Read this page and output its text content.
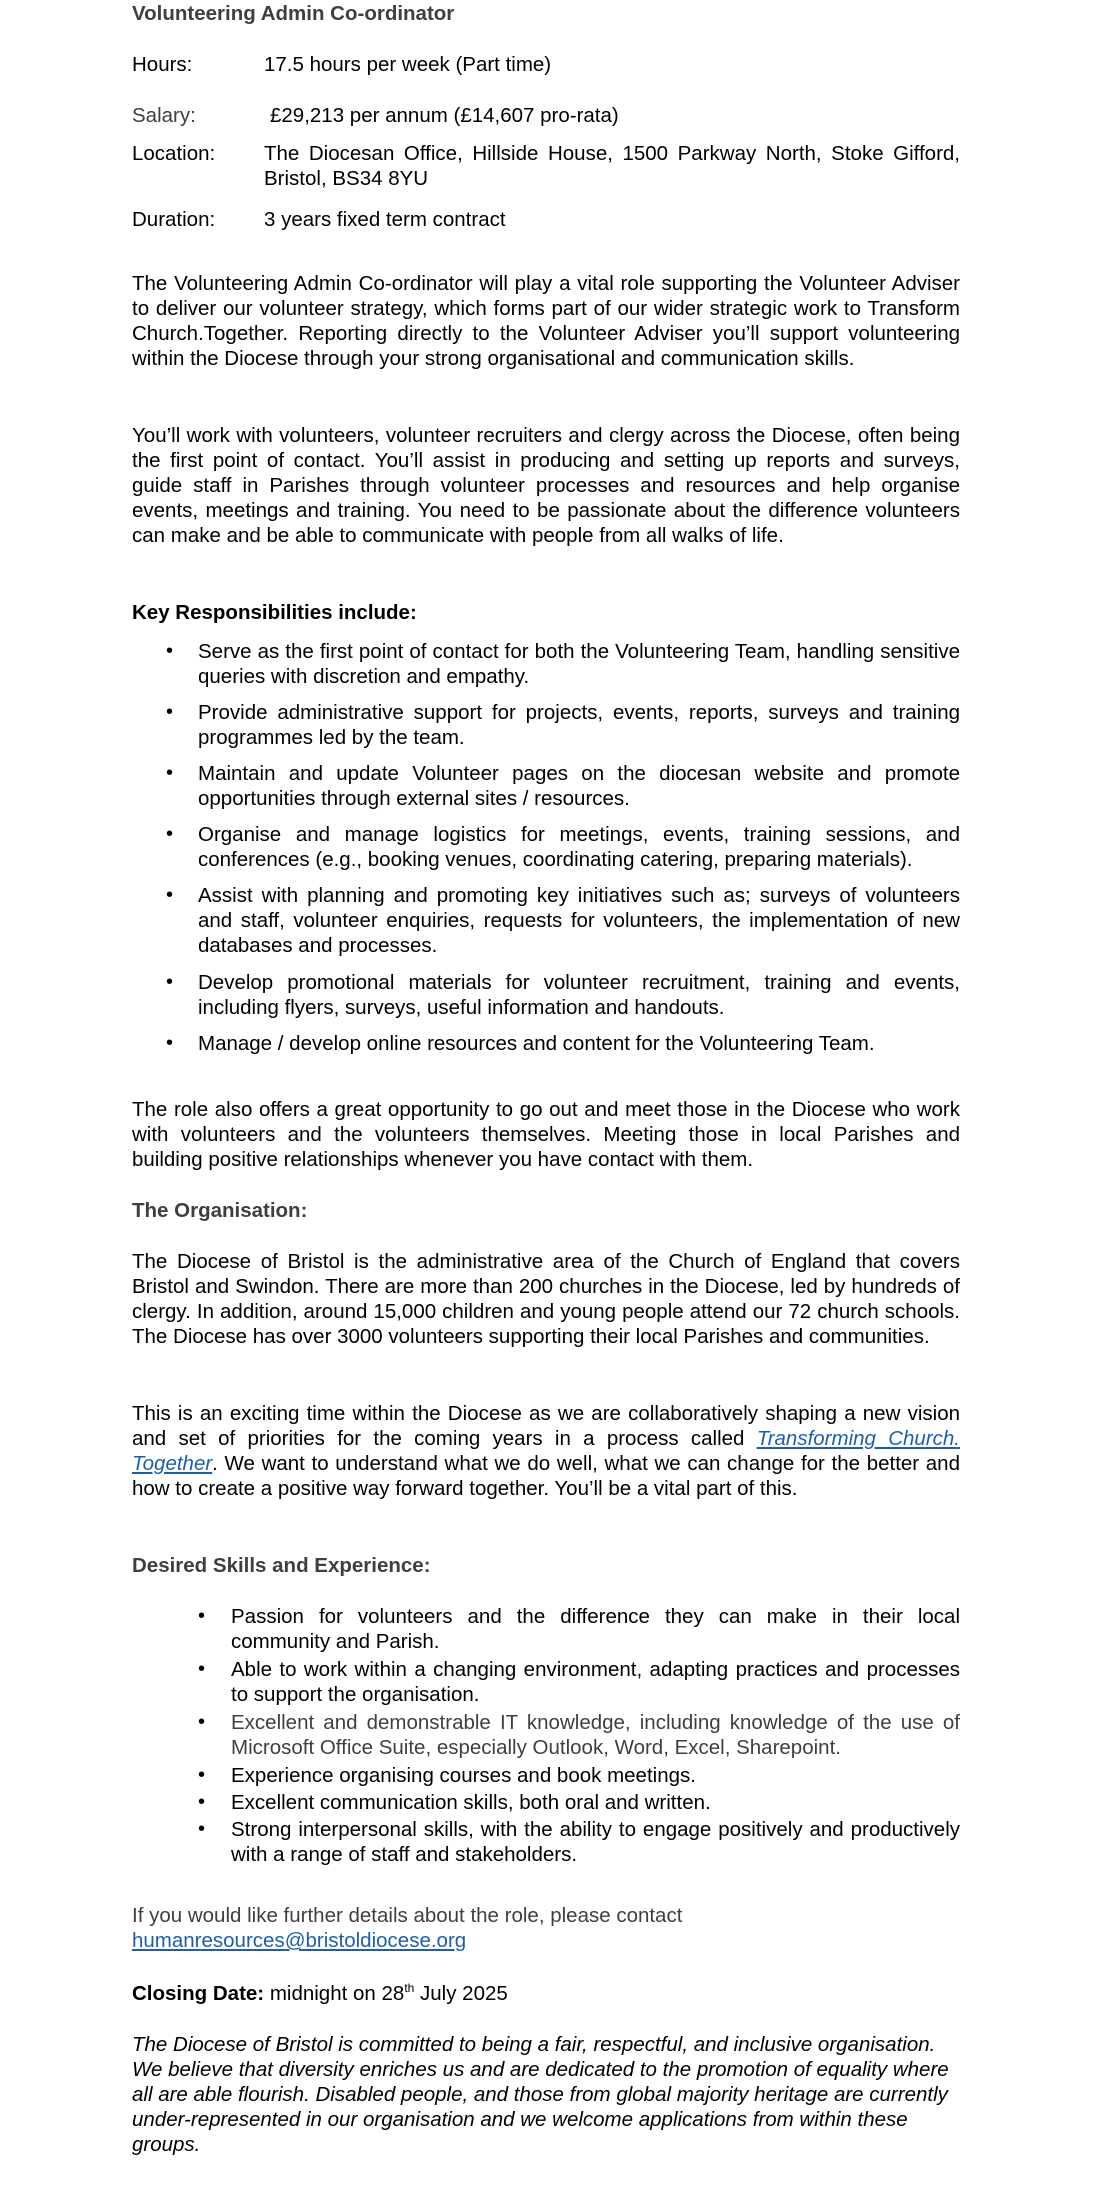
Volunteering Admin Co-ordinator
Hours:	17.5 hours per week (Part time)
Salary:	£29,213 per annum (£14,607 pro-rata)
Location: The Diocesan Office, Hillside House, 1500 Parkway North, Stoke Gifford, Bristol, BS34 8YU
Duration: 3 years fixed term contract
The Volunteering Admin Co-ordinator will play a vital role supporting the Volunteer Adviser to deliver our volunteer strategy, which forms part of our wider strategic work to Transform Church.Together. Reporting directly to the Volunteer Adviser you’ll support volunteering within the Diocese through your strong organisational and communication skills.
You’ll work with volunteers, volunteer recruiters and clergy across the Diocese, often being the first point of contact. You’ll assist in producing and setting up reports and surveys, guide staff in Parishes through volunteer processes and resources and help organise events, meetings and training. You need to be passionate about the difference volunteers can make and be able to communicate with people from all walks of life.
Key Responsibilities include:
• Serve as the first point of contact for both the Volunteering Team, handling sensitive queries with discretion and empathy.
• Provide administrative support for projects, events, reports, surveys and training programmes led by the team.
• Maintain and update Volunteer pages on the diocesan website and promote opportunities through external sites / resources.
• Organise and manage logistics for meetings, events, training sessions, and conferences (e.g., booking venues, coordinating catering, preparing materials).
• Assist with planning and promoting key initiatives such as; surveys of volunteers and staff, volunteer enquiries, requests for volunteers, the implementation of new databases and processes.
• Develop promotional materials for volunteer recruitment, training and events, including flyers, surveys, useful information and handouts.
• Manage / develop online resources and content for the Volunteering Team.
The role also offers a great opportunity to go out and meet those in the Diocese who work with volunteers and the volunteers themselves. Meeting those in local Parishes and building positive relationships whenever you have contact with them.
The Organisation:
The Diocese of Bristol is the administrative area of the Church of England that covers Bristol and Swindon. There are more than 200 churches in the Diocese, led by hundreds of clergy. In addition, around 15,000 children and young people attend our 72 church schools. The Diocese has over 3000 volunteers supporting their local Parishes and communities.
This is an exciting time within the Diocese as we are collaboratively shaping a new vision and set of priorities for the coming years in a process called Transforming Church. Together. We want to understand what we do well, what we can change for the better and how to create a positive way forward together. You’ll be a vital part of this.
Desired Skills and Experience:
• Passion for volunteers and the difference they can make in their local community and Parish.
• Able to work within a changing environment, adapting practices and processes to support the organisation.
• Excellent and demonstrable IT knowledge, including knowledge of the use of Microsoft Office Suite, especially Outlook, Word, Excel, Sharepoint.
• Experience organising courses and book meetings.
• Excellent communication skills, both oral and written.
• Strong interpersonal skills, with the ability to engage positively and productively with a range of staff and stakeholders.
If you would like further details about the role, please contact
humanresources@bristoldiocese.org
Closing Date: midnight on 28th July 2025
The Diocese of Bristol is committed to being a fair, respectful, and inclusive organisation. We believe that diversity enriches us and are dedicated to the promotion of equality where all are able flourish. Disabled people, and those from global majority heritage are currently under-represented in our organisation and we welcome applications from within these groups.
